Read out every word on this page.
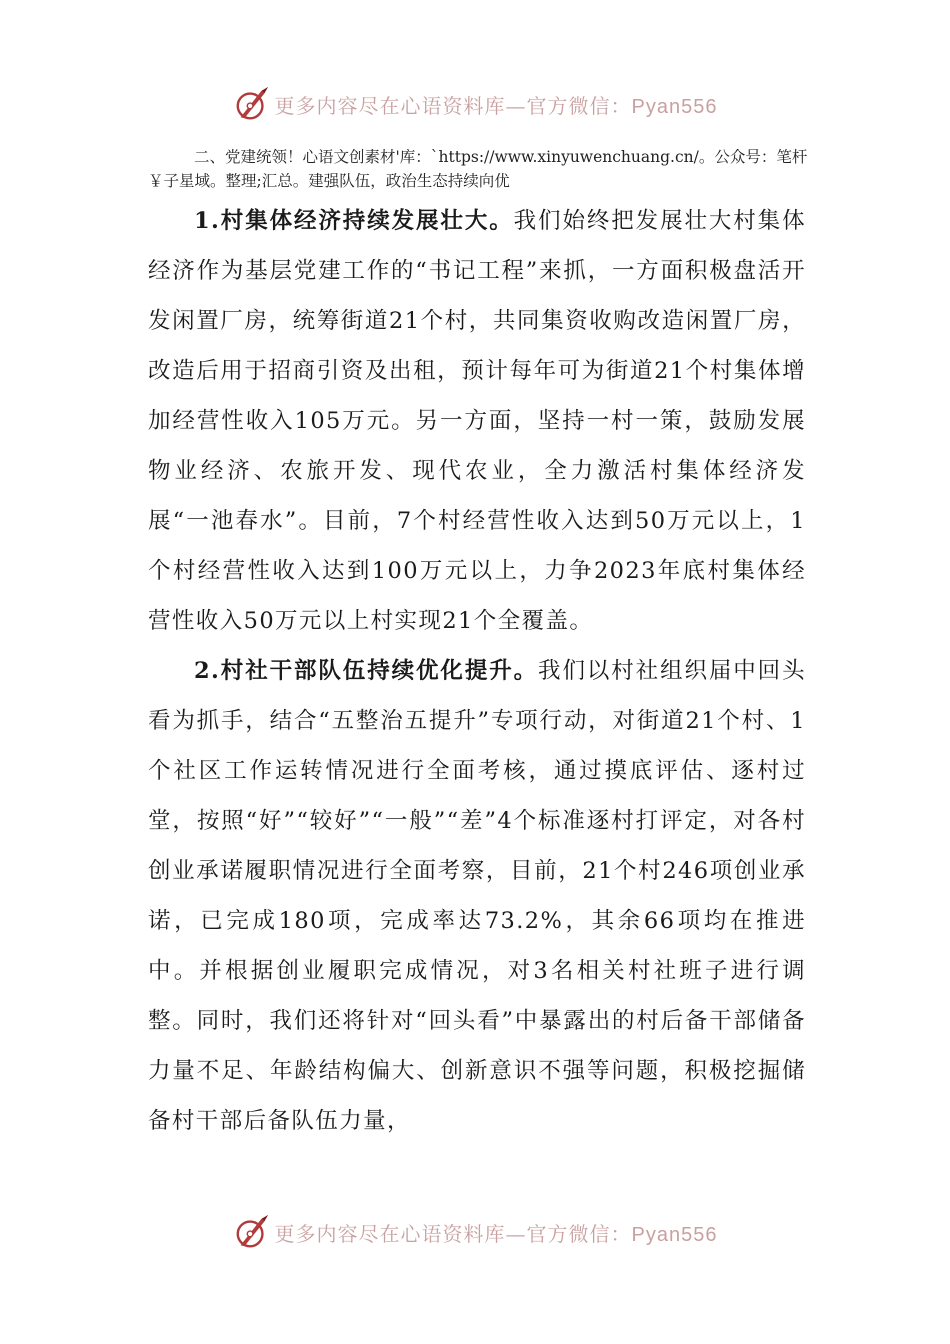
更多内容尽在心语资料库—官方微信：Pyan556
二、党建统领！心语文创素材'库：`https://www.xinyuwenchuang.cn/。公众号：笔杆￥子星域。整理;汇总。建强队伍，政治生态持续向优

1.村集体经济持续发展壮大。我们始终把发展壮大村集体经济作为基层党建工作的“书记工程”来抓，一方面积极盘活开发闲置厂房，统筹街道21个村，共同集资收购改造闲置厂房，改造后用于招商引资及出租，预计每年可为街道21个村集体增加经营性收入105万元。另一方面，坚持一村一策，鼓励发展物业经济、农旅开发、现代农业，全力激活村集体经济发展“一池春水”。目前，7个村经营性收入达到50万元以上，1个村经营性收入达到100万元以上，力争2023年底村集体经营性收入50万元以上村实现21个全覆盖。

2.村社干部队伍持续优化提升。我们以村社组织届中回头看为抓手，结合“五整治五提升”专项行动，对街道21个村、1个社区工作运转情况进行全面考核，通过摸底评估、逐村过堂，按照“好”“较好”“一般”“差”4个标准逐村打评定，对各村创业承诺履职情况进行全面考察，目前，21个村246项创业承诺，已完成180项，完成率达73.2%，其余66项均在推进中。并根据创业履职完成情况，对3名相关村社班子进行调整。同时，我们还将针对“回头看”中暴露出的村后备干部储备力量不足、年龄结构偏大、创新意识不强等问题，积极挖掘储备村干部后备队伍力量，

更多内容尽在心语资料库—官方微信：Pyan556
